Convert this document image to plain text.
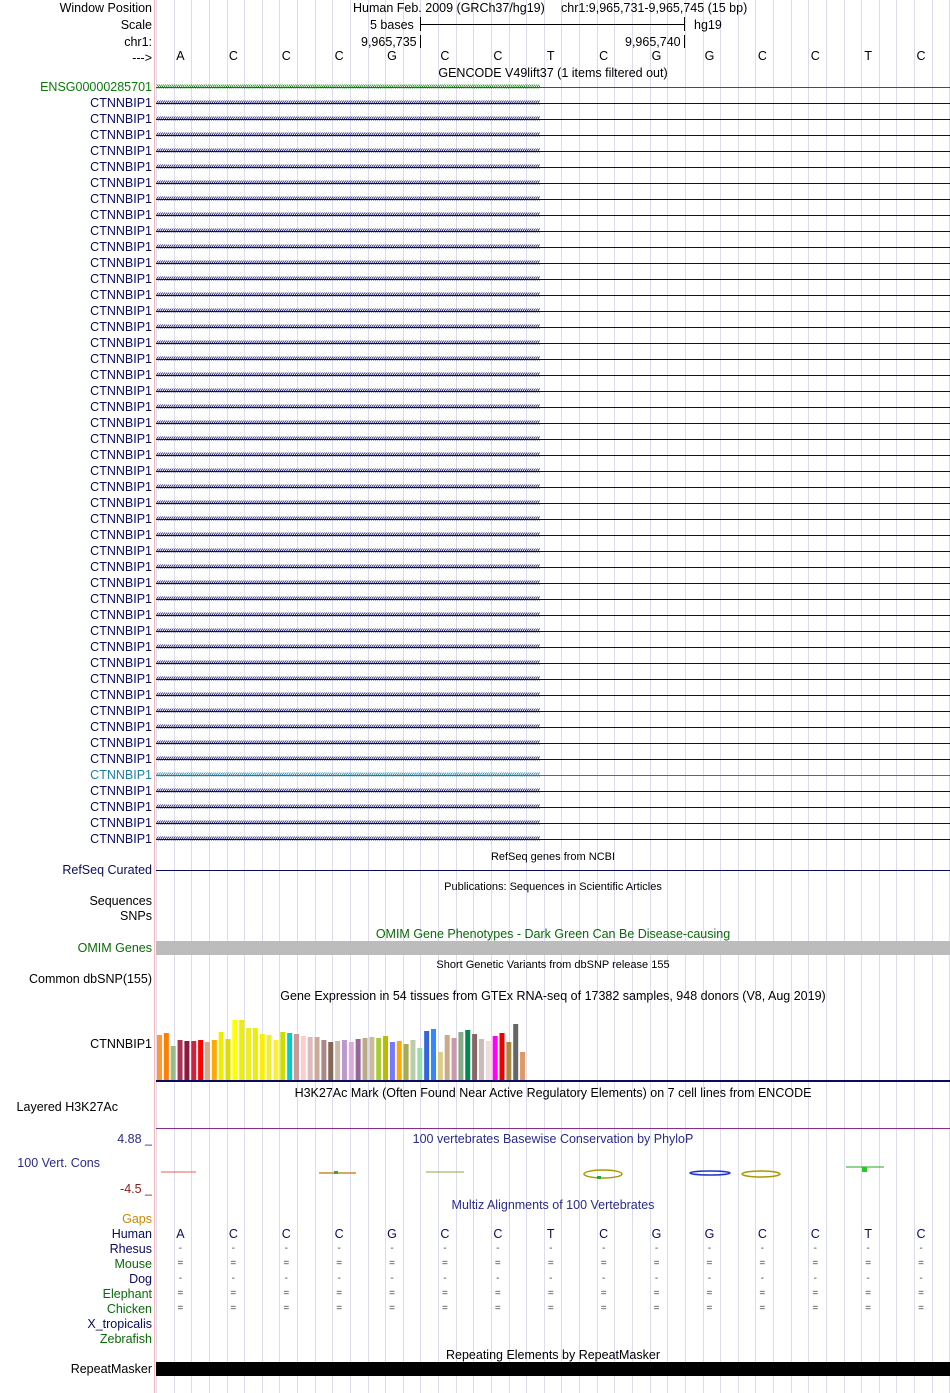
Window Position
Scale
chr1:
--->
Human Feb. 2009 (GRCh37/hg19) chr1:9,965,731-9,965,745 (15 bp)
5 bases	hg19
9,965,735	9,965,740
A	C	C	C	G	C	C	T	C	G	G	C	C	T	C
GENCODE V49lift37 (1 items filtered out)
ENSG00000285701
CTNNBIP1
CTNNBIP1
CTNNBIP1
CTNNBIP1
CTNNBIP1
CTNNBIP1
CTNNBIP1
CTNNBIP1
CTNNBIP1
CTNNBIP1
CTNNBIP1
CTNNBIP1
CTNNBIP1
CTNNBIP1
CTNNBIP1
CTNNBIP1
CTNNBIP1
CTNNBIP1
CTNNBIP1
CTNNBIP1
CTNNBIP1
CTNNBIP1
CTNNBIP1
CTNNBIP1
CTNNBIP1
CTNNBIP1
CTNNBIP1
CTNNBIP1
CTNNBIP1
CTNNBIP1
CTNNBIP1
CTNNBIP1
CTNNBIP1
CTNNBIP1
CTNNBIP1
CTNNBIP1
CTNNBIP1
CTNNBIP1
CTNNBIP1
CTNNBIP1
CTNNBIP1
CTNNBIP1
CTNNBIP1
CTNNBIP1
CTNNBIP1
CTNNBIP1
CTNNBIP1
RefSeq genes from NCBI
RefSeq Curated
Publications: Sequences in Scientific Articles
Sequences
SNPs
OMIM Gene Phenotypes - Dark Green Can Be Disease-causing
OMIM Genes
Short Genetic Variants from dbSNP release 155
Common dbSNP(155)
Gene Expression in 54 tissues from GTEx RNA-seq of 17382 samples, 948 donors (V8, Aug 2019)
CTNNBIP1
H3K27Ac Mark (Often Found Near Active Regulatory Elements) on 7 cell lines from ENCODE
Layered H3K27Ac
4.88 _	100 vertebrates Basewise Conservation by PhyloP
100 Vert. Cons
-4.5 _
Multiz Alignments of 100 Vertebrates
Gaps
Human	A	C	C	C	G	C	C	T	C	G	G	C	C	T	C
Rhesus	-	-	-	-	-	-	-	-	-	-	-	-	-	-	-
Mouse	=	=	=	=	=	=	=	=	=	=	=	=	=	=	=
Dog	-	-	-	-	-	-	-	-	-	-	-	-	-	-	-
Elephant	=	=	=	=	=	=	=	=	=	=	=	=	=	=	=
Chicken	=	=	=	=	=	=	=	=	=	=	=	=	=	=	=
X_tropicalis
Zebrafish
Repeating Elements by RepeatMasker
RepeatMasker
